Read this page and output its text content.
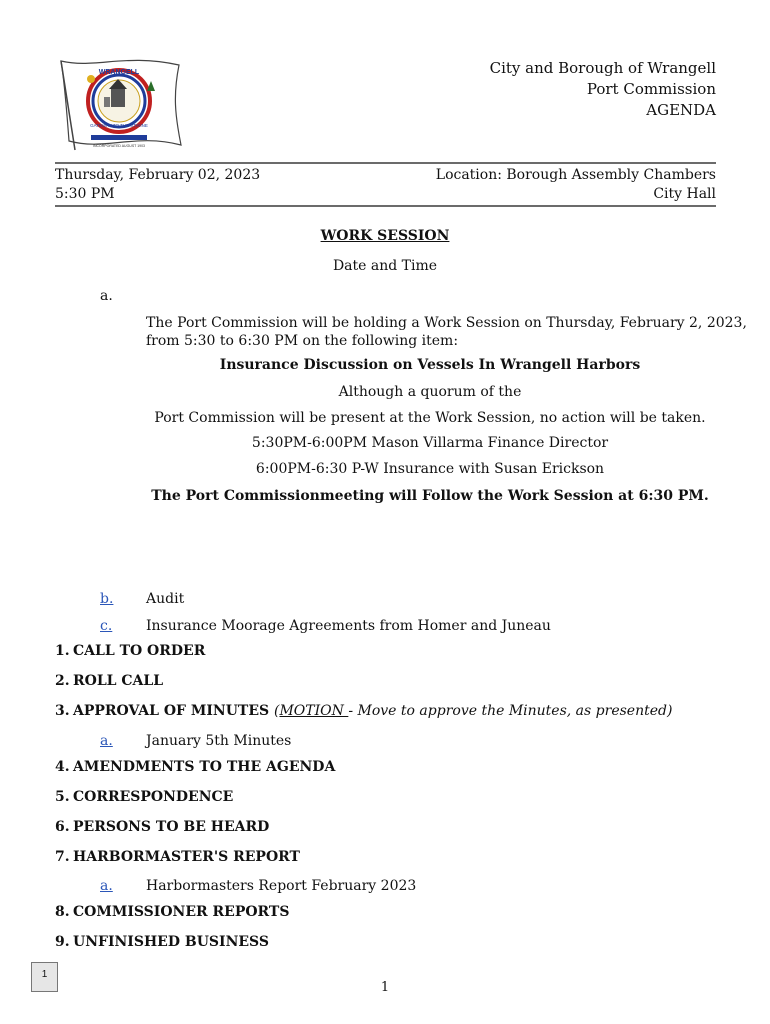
WRANGELL
GATEWAY TO THE STIKINE
INCORPORATED AUGUST 1903
City and Borough of Wrangell
Port Commission
AGENDA
Thursday, February 02, 2023
5:30 PM
Location: Borough Assembly Chambers
City Hall
WORK SESSION
Date and Time
a.
The Port Commission will be holding a Work Session on Thursday, February 2, 2023,
from 5:30 to 6:30 PM on the following item:
Insurance Discussion on Vessels In Wrangell Harbors
Although a quorum of the
Port Commission will be present at the Work Session, no action will be taken.
5:30PM-6:00PM Mason Villarma Finance Director
6:00PM-6:30 P-W Insurance with Susan Erickson
The Port Commissionmeeting will Follow the Work Session at 6:30 PM.
b. Audit
c. Insurance Moorage Agreements from Homer and Juneau
1. CALL TO ORDER
2. ROLL CALL
3. APPROVAL OF MINUTES (MOTION - Move to approve the Minutes, as presented)
a. January 5th Minutes
4. AMENDMENTS TO THE AGENDA
5. CORRESPONDENCE
6. PERSONS TO BE HEARD
7. HARBORMASTER'S REPORT
a. Harbormasters Report February 2023
8. COMMISSIONER REPORTS
9. UNFINISHED BUSINESS
1
1
